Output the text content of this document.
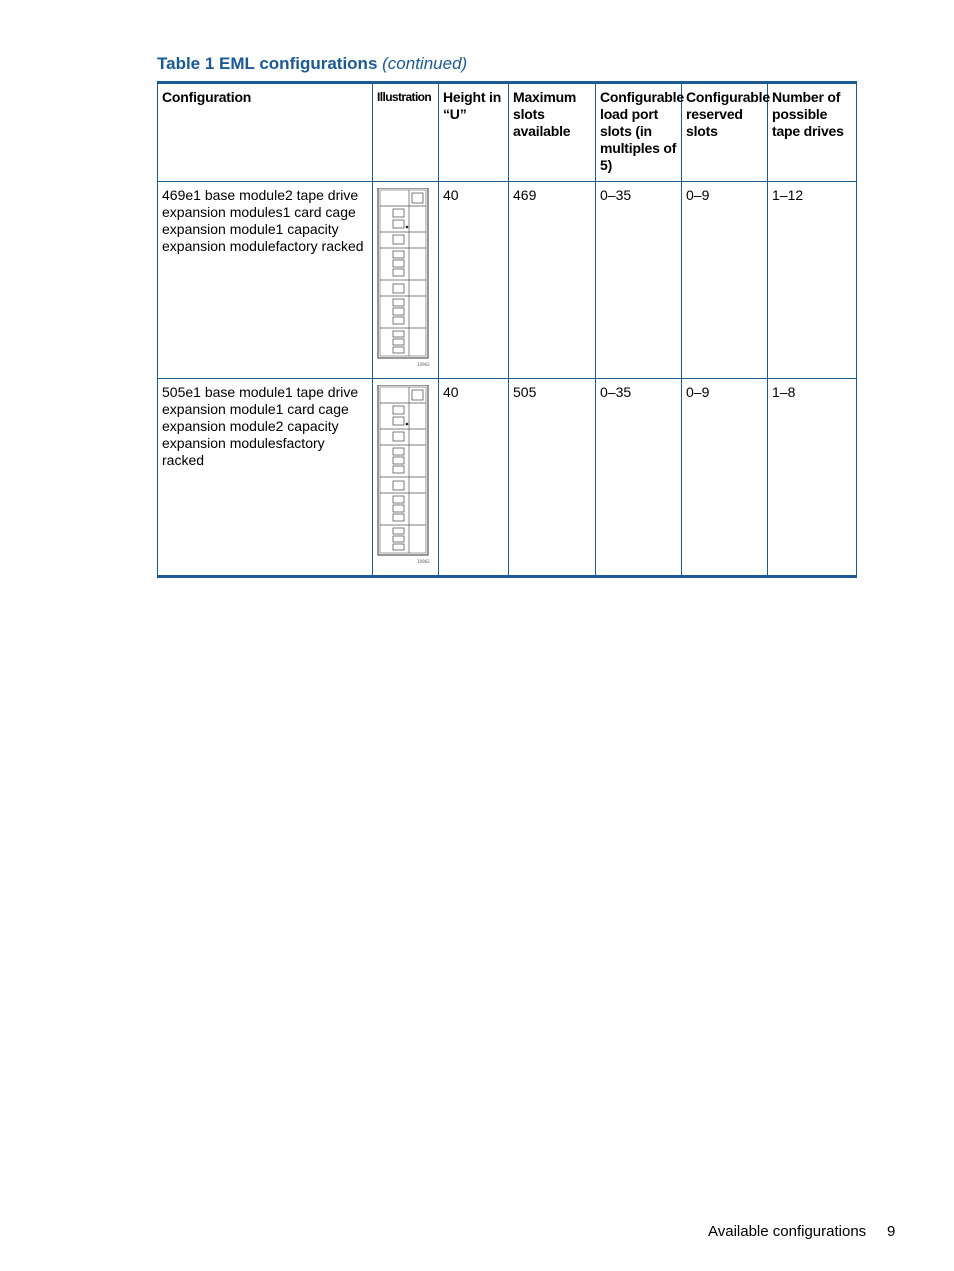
Table 1 EML configurations (continued)
Configuration	Illustration	Height in “U”	Maximum slots available	Configurable load port slots (in multiples of 5)	Configurable reserved slots	Number of possible tape drives
469e1 base module2 tape drive expansion modules1 card cage expansion module1 capacity expansion modulefactory racked	10962	40	469	0–35	0–9	1–12
505e1 base module1 tape drive expansion module1 card cage expansion module2 capacity expansion modulesfactory racked	10962	40	505	0–35	0–9	1–8
Available configurations 9
